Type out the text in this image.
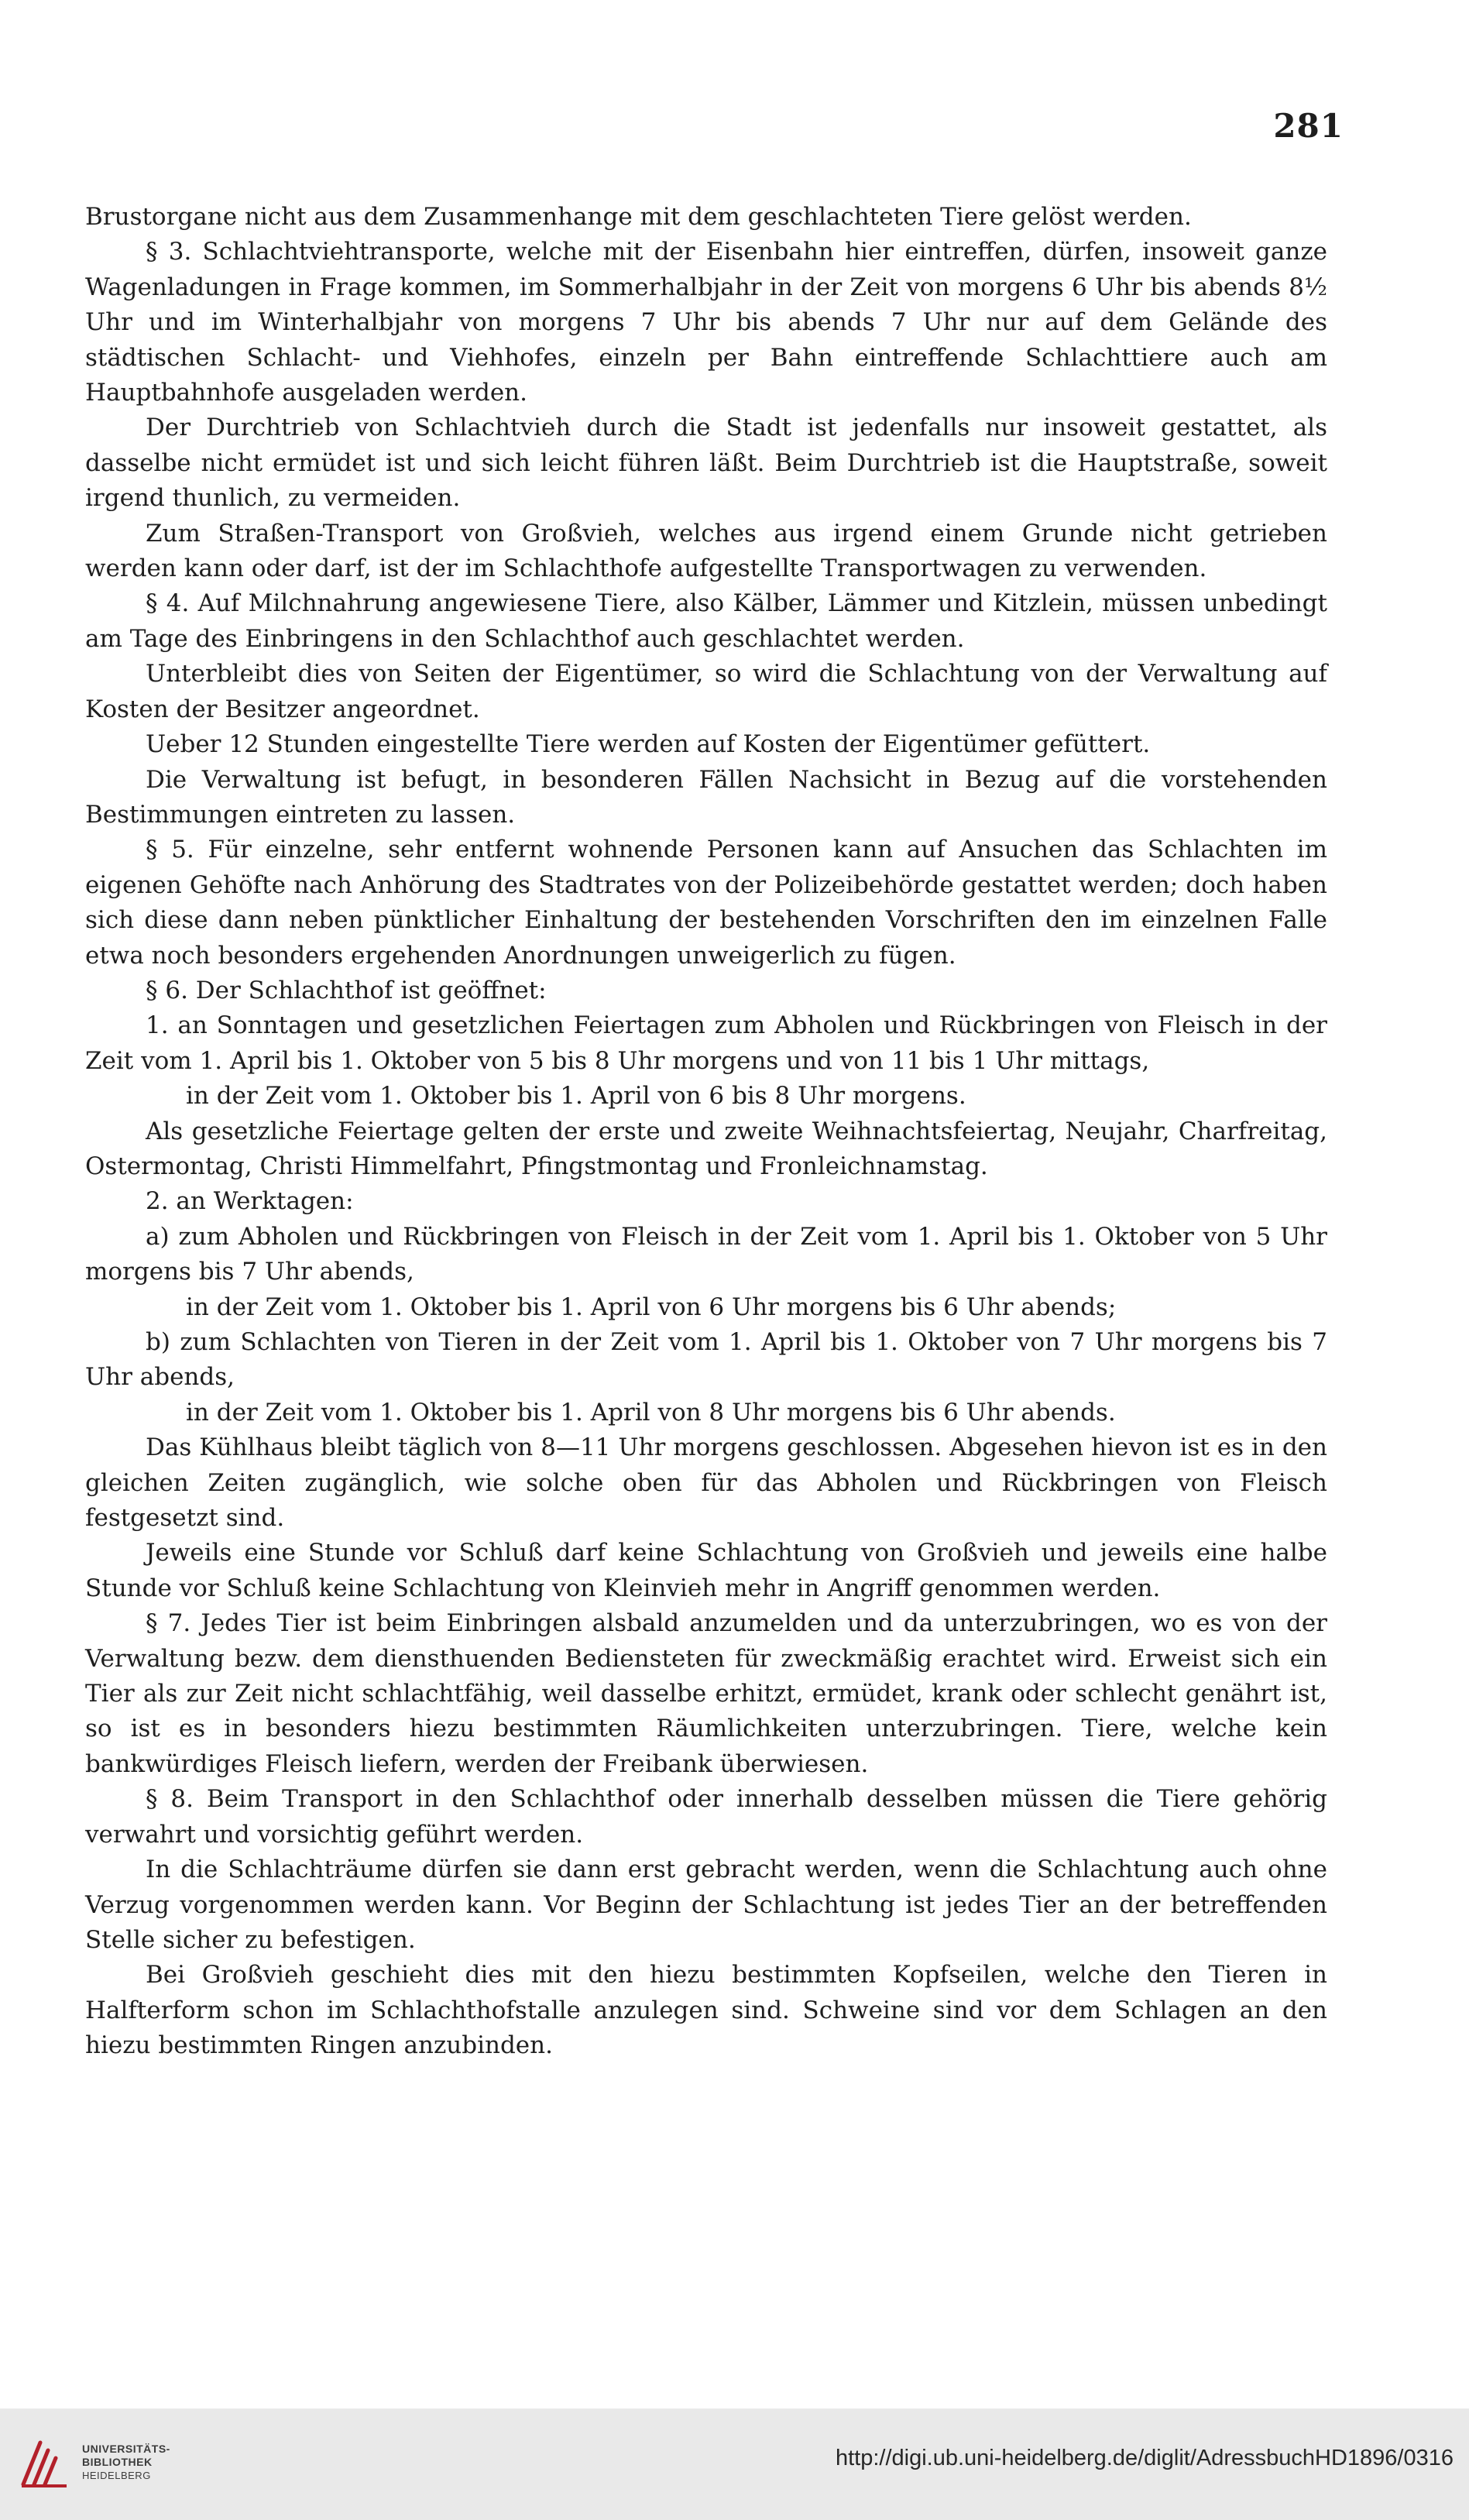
281

Brustorgane nicht aus dem Zusammenhange mit dem geschlachteten Tiere gelöst werden.

§ 3. Schlachtviehtransporte, welche mit der Eisenbahn hier eintreffen, dürfen, insoweit ganze Wagenladungen in Frage kommen, im Sommerhalbjahr in der Zeit von morgens 6 Uhr bis abends 8½ Uhr und im Winterhalbjahr von morgens 7 Uhr bis abends 7 Uhr nur auf dem Gelände des städtischen Schlacht- und Viehhofes, einzeln per Bahn eintreffende Schlachttiere auch am Hauptbahnhofe ausgeladen werden.

Der Durchtrieb von Schlachtvieh durch die Stadt ist jedenfalls nur insoweit gestattet, als dasselbe nicht ermüdet ist und sich leicht führen läßt. Beim Durchtrieb ist die Hauptstraße, soweit irgend thunlich, zu vermeiden.

Zum Straßen-Transport von Großvieh, welches aus irgend einem Grunde nicht getrieben werden kann oder darf, ist der im Schlachthofe aufgestellte Transportwagen zu verwenden.

§ 4. Auf Milchnahrung angewiesene Tiere, also Kälber, Lämmer und Kitzlein, müssen unbedingt am Tage des Einbringens in den Schlachthof auch geschlachtet werden.

Unterbleibt dies von Seiten der Eigentümer, so wird die Schlachtung von der Verwaltung auf Kosten der Besitzer angeordnet.

Ueber 12 Stunden eingestellte Tiere werden auf Kosten der Eigentümer gefüttert.

Die Verwaltung ist befugt, in besonderen Fällen Nachsicht in Bezug auf die vorstehenden Bestimmungen eintreten zu lassen.

§ 5. Für einzelne, sehr entfernt wohnende Personen kann auf Ansuchen das Schlachten im eigenen Gehöfte nach Anhörung des Stadtrates von der Polizeibehörde gestattet werden; doch haben sich diese dann neben pünktlicher Einhaltung der bestehenden Vorschriften den im einzelnen Falle etwa noch besonders ergehenden Anordnungen unweigerlich zu fügen.

§ 6. Der Schlachthof ist geöffnet:

1. an Sonntagen und gesetzlichen Feiertagen zum Abholen und Rückbringen von Fleisch in der Zeit vom 1. April bis 1. Oktober von 5 bis 8 Uhr morgens und von 11 bis 1 Uhr mittags,

in der Zeit vom 1. Oktober bis 1. April von 6 bis 8 Uhr morgens.

Als gesetzliche Feiertage gelten der erste und zweite Weihnachtsfeiertag, Neujahr, Charfreitag, Ostermontag, Christi Himmelfahrt, Pfingstmontag und Fronleichnamstag.

2. an Werktagen:

a) zum Abholen und Rückbringen von Fleisch in der Zeit vom 1. April bis 1. Oktober von 5 Uhr morgens bis 7 Uhr abends,

in der Zeit vom 1. Oktober bis 1. April von 6 Uhr morgens bis 6 Uhr abends;

b) zum Schlachten von Tieren in der Zeit vom 1. April bis 1. Oktober von 7 Uhr morgens bis 7 Uhr abends,

in der Zeit vom 1. Oktober bis 1. April von 8 Uhr morgens bis 6 Uhr abends.

Das Kühlhaus bleibt täglich von 8—11 Uhr morgens geschlossen. Abgesehen hievon ist es in den gleichen Zeiten zugänglich, wie solche oben für das Abholen und Rückbringen von Fleisch festgesetzt sind.

Jeweils eine Stunde vor Schluß darf keine Schlachtung von Großvieh und jeweils eine halbe Stunde vor Schluß keine Schlachtung von Kleinvieh mehr in Angriff genommen werden.

§ 7. Jedes Tier ist beim Einbringen alsbald anzumelden und da unterzubringen, wo es von der Verwaltung bezw. dem diensthuenden Bediensteten für zweckmäßig erachtet wird. Erweist sich ein Tier als zur Zeit nicht schlachtfähig, weil dasselbe erhitzt, ermüdet, krank oder schlecht genährt ist, so ist es in besonders hiezu bestimmten Räumlichkeiten unterzubringen. Tiere, welche kein bankwürdiges Fleisch liefern, werden der Freibank überwiesen.

§ 8. Beim Transport in den Schlachthof oder innerhalb desselben müssen die Tiere gehörig verwahrt und vorsichtig geführt werden.

In die Schlachträume dürfen sie dann erst gebracht werden, wenn die Schlachtung auch ohne Verzug vorgenommen werden kann. Vor Beginn der Schlachtung ist jedes Tier an der betreffenden Stelle sicher zu befestigen.

Bei Großvieh geschieht dies mit den hiezu bestimmten Kopfseilen, welche den Tieren in Halfterform schon im Schlachthofstalle anzulegen sind. Schweine sind vor dem Schlagen an den hiezu bestimmten Ringen anzubinden.

UNIVERSITÄTS-
BIBLIOTHEK
HEIDELBERG
http://digi.ub.uni-heidelberg.de/diglit/AdressbuchHD1896/0316
